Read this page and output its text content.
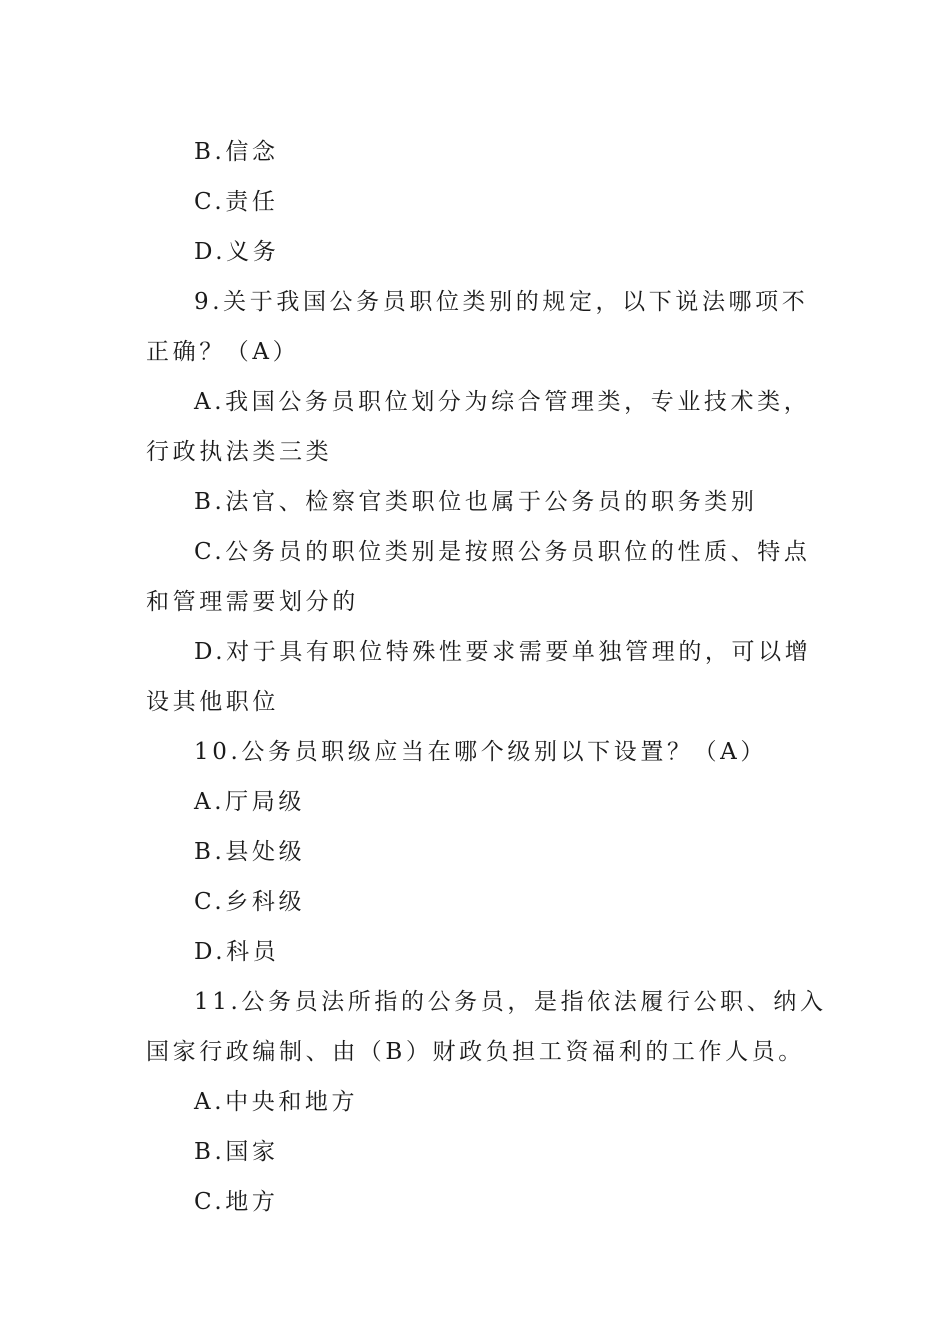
B.信念
C.责任
D.义务
9.关于我国公务员职位类别的规定，以下说法哪项不
正确？（A）
A.我国公务员职位划分为综合管理类，专业技术类，
行政执法类三类
B.法官、检察官类职位也属于公务员的职务类别
C.公务员的职位类别是按照公务员职位的性质、特点
和管理需要划分的
D.对于具有职位特殊性要求需要单独管理的，可以增
设其他职位
10.公务员职级应当在哪个级别以下设置？（A）
A.厅局级
B.县处级
C.乡科级
D.科员
11.公务员法所指的公务员，是指依法履行公职、纳入
国家行政编制、由（B）财政负担工资福利的工作人员。
A.中央和地方
B.国家
C.地方
